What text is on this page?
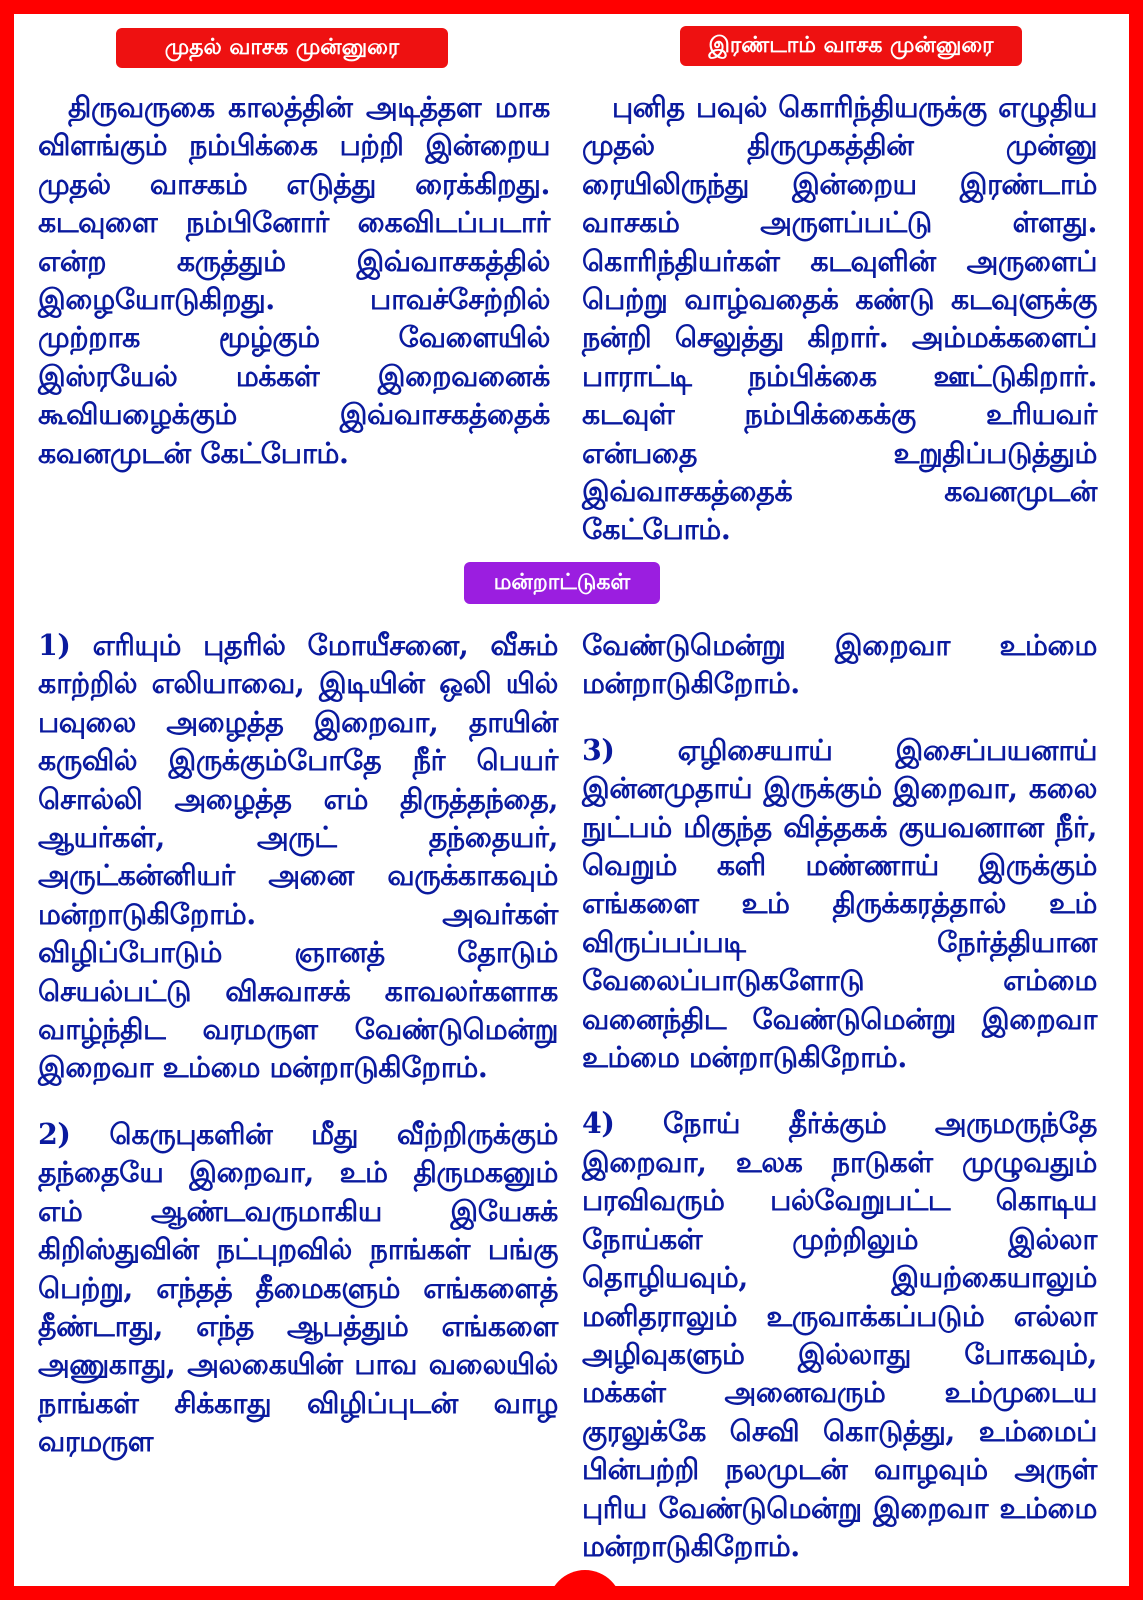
முதல் வாசக முன்னுரை	இரண்டாம் வாசக முன்னுரை

திருவருகை காலத்தின் அடித்தள மாக விளங்கும் நம்பிக்கை பற்றி இன்றைய முதல் வாசகம் எடுத்து ரைக்கிறது. கடவுளை நம்பினோர் கைவிடப்படார் என்ற கருத்தும் இவ்வாசகத்தில் இழையோடுகிறது. பாவச்சேற்றில் முற்றாக மூழ்கும் வேளையில் இஸ்ரயேல் மக்கள் இறைவனைக் கூவியழைக்கும் இவ்வாசகத்தைக் கவனமுடன் கேட்போம்.

புனித பவுல் கொரிந்தியருக்கு எழுதிய முதல் திருமுகத்தின் முன்னு ரையிலிருந்து இன்றைய இரண்டாம் வாசகம் அருளப்பட்டு ள்ளது. கொரிந்தியர்கள் கடவுளின் அருளைப் பெற்று வாழ்வதைக் கண்டு கடவுளுக்கு நன்றி செலுத்து கிறார். அம்மக்களைப் பாராட்டி நம்பிக்கை ஊட்டுகிறார். கடவுள் நம்பிக்கைக்கு உரியவர் என்பதை உறுதிப்படுத்தும் இவ்வாசகத்தைக் கவனமுடன் கேட்போம்.

மன்றாட்டுகள்

1) எரியும் புதரில் மோயீசனை, வீசும் காற்றில் எலியாவை, இடியின் ஒலி யில் பவுலை அழைத்த இறைவா, தாயின் கருவில் இருக்கும்போதே நீர் பெயர் சொல்லி அழைத்த எம் திருத்தந்தை, ஆயர்கள், அருட் தந்தையர், அருட்கன்னியர் அனை வருக்காகவும் மன்றாடுகிறோம். அவர்கள் விழிப்போடும் ஞானத் தோடும் செயல்பட்டு விசுவாசக் காவலர்களாக வாழ்ந்திட வரமருள வேண்டுமென்று இறைவா உம்மை மன்றாடுகிறோம்.

2) கெருபுகளின் மீது வீற்றிருக்கும் தந்தையே இறைவா, உம் திருமகனும் எம் ஆண்டவருமாகிய இயேசுக் கிறிஸ்துவின் நட்புறவில் நாங்கள் பங்கு பெற்று, எந்தத் தீமைகளும் எங்களைத் தீண்டாது, எந்த ஆபத்தும் எங்களை அணுகாது, அலகையின் பாவ வலையில் நாங்கள் சிக்காது விழிப்புடன் வாழ வரமருள

வேண்டுமென்று இறைவா உம்மை மன்றாடுகிறோம்.

3) ஏழிசையாய் இசைப்பயனாய் இன்னமுதாய் இருக்கும் இறைவா, கலை நுட்பம் மிகுந்த வித்தகக் குயவனான நீர், வெறும் களி மண்ணாய் இருக்கும் எங்களை உம் திருக்கரத்தால் உம் விருப்பப்படி நேர்த்தியான வேலைப்பாடுகளோடு எம்மை வனைந்திட வேண்டுமென்று இறைவா உம்மை மன்றாடுகிறோம்.

4) நோய் தீர்க்கும் அருமருந்தே இறைவா, உலக நாடுகள் முழுவதும் பரவிவரும் பல்வேறுபட்ட கொடிய நோய்கள் முற்றிலும் இல்லா தொழியவும், இயற்கையாலும் மனிதராலும் உருவாக்கப்படும் எல்லா அழிவுகளும் இல்லாது போகவும், மக்கள் அனைவரும் உம்முடைய குரலுக்கே செவி கொடுத்து, உம்மைப் பின்பற்றி நலமுடன் வாழவும் அருள் புரிய வேண்டுமென்று இறைவா உம்மை மன்றாடுகிறோம்.
